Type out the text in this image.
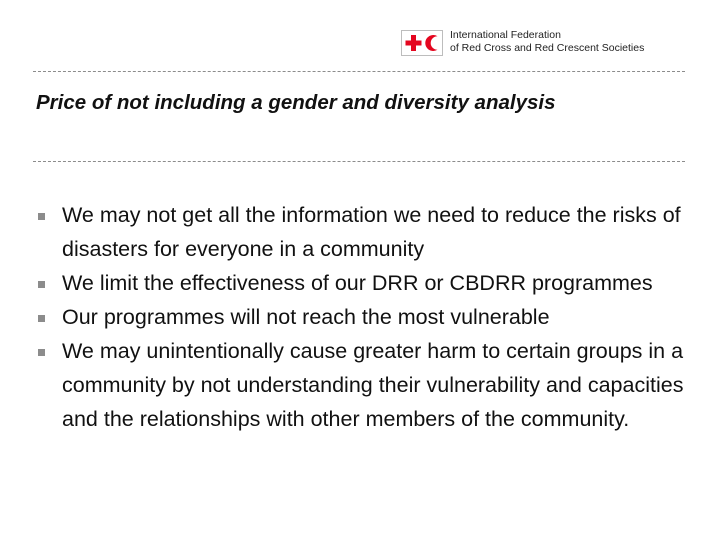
International Federation
of Red Cross and Red Crescent Societies
Price of not including a gender and diversity analysis
We may not get all the information we need to reduce the risks of disasters for everyone in a community
We limit the effectiveness of our DRR or CBDRR programmes
Our programmes will not reach the most vulnerable
We may unintentionally cause greater harm to certain groups in a community by not understanding their vulnerability and capacities and the relationships with other members of the community.
